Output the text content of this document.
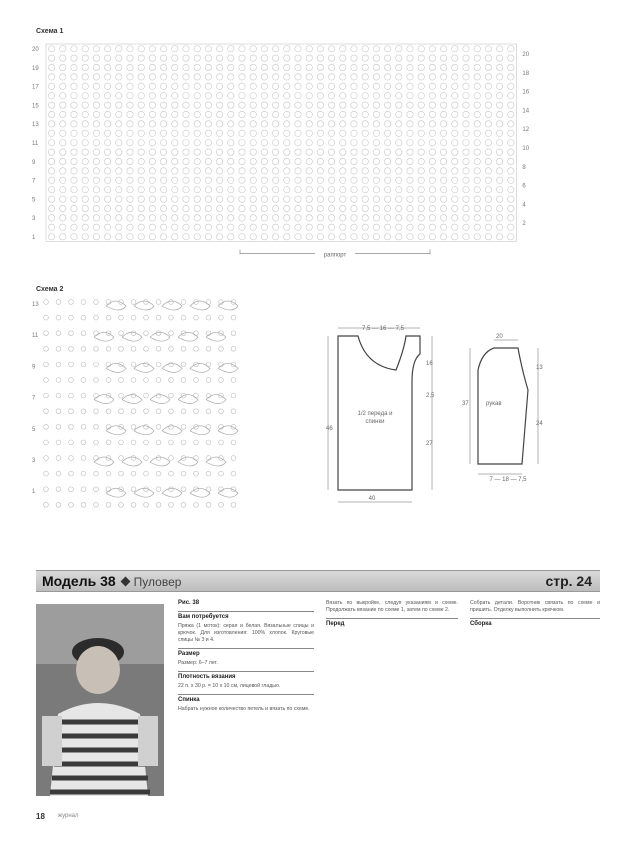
Схема 1
20
19
17
15
13
11
9
7
5
3
1
20
18
16
14
12
10
8
6
4
2
раппорт
Схема 2
13
11
9
7
5
3
1
7,5 — 16 — 7,5
46
40
16
2,5
27
1/2 переда и спинки
20
37
13
24
7 — 18 — 7,5
рукав
Модель 38 Пуловер	стр. 24
Рис. 38
Вам потребуется
Пряжа (1 моток): серая и белая. Вязальные спицы и крючок. Для изготовления: 100% хлопок. Круговые спицы № 3 и 4.
Размер
Размер: 6–7 лет.
Плотность вязания
22 п. х 30 р. = 10 х 10 см, лицевой гладью.
Спинка
Набрать нужное количество петель и вязать по схеме.
Вязать по выкройке, следуя указаниям и схеме. Продолжать вязание по схеме 1, затем по схеме 2.
Перед
Собрать детали. Воротник связать по схеме и пришить. Отделку выполнить крючком.
Сборка
18 журнал
